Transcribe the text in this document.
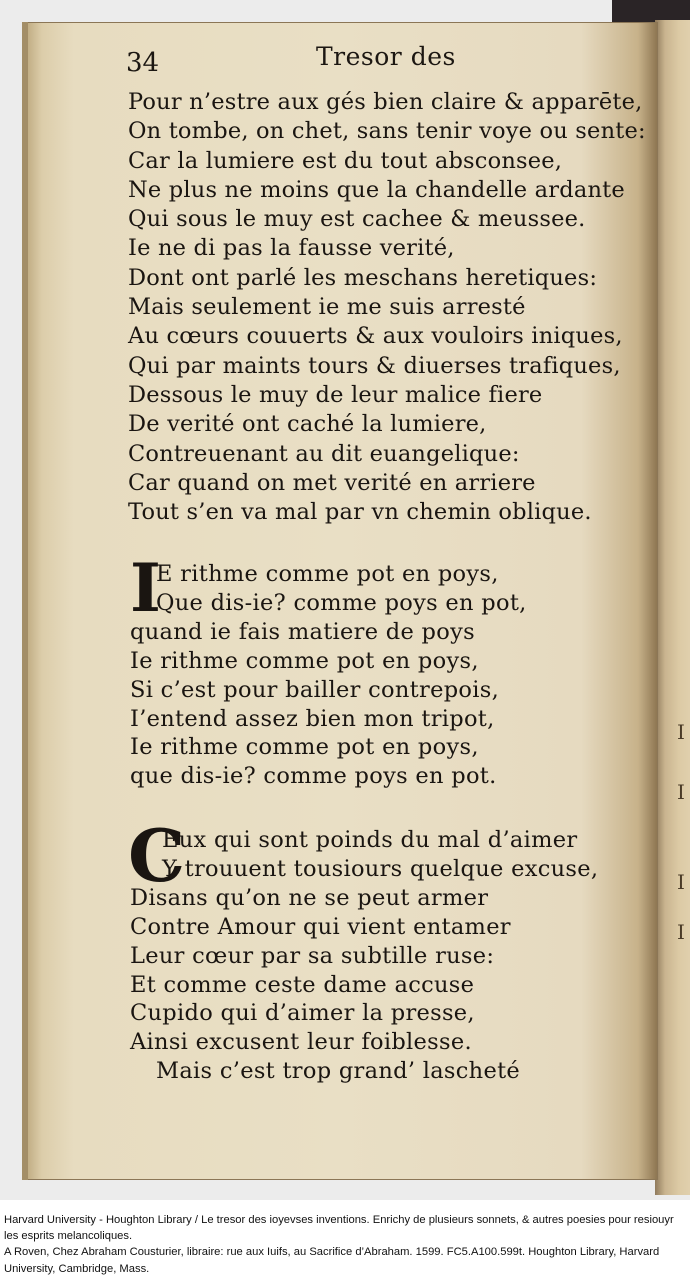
I
I
I
I
34	Tresor des
Pour n’estre aux gés bien claire & apparēte,
On tombe, on chet, sans tenir voye ou sente:
Car la lumiere est du tout absconsee,
Ne plus ne moins que la chandelle ardante
Qui sous le muy est cachee & meussee.
Ie ne di pas la fausse verité,
Dont ont parlé les meschans heretiques:
Mais seulement ie me suis arresté
Au cœurs couuerts & aux vouloirs iniques,
Qui par maints tours & diuerses trafiques,
Dessous le muy de leur malice fiere
De verité ont caché la lumiere,
Contreuenant au dit euangelique:
Car quand on met verité en arriere
Tout s’en va mal par vn chemin oblique.
I
E rithme comme pot en poys,
Que dis-ie? comme poys en pot,
quand ie fais matiere de poys
Ie rithme comme pot en poys,
Si c’est pour bailler contrepois,
I’entend assez bien mon tripot,
Ie rithme comme pot en poys,
que dis-ie? comme poys en pot.
C
Eux qui sont poinds du mal d’aimer
Y trouuent tousiours quelque excuse,
Disans qu’on ne se peut armer
Contre Amour qui vient entamer
Leur cœur par sa subtille ruse:
Et comme ceste dame accuse
Cupido qui d’aimer la presse,
Ainsi excusent leur foiblesse.
Mais c’est trop grand’ lascheté
Harvard University - Houghton Library / Le tresor des ioyevses inventions. Enrichy de plusieurs sonnets, & autres poesies pour resiouyr les esprits melancoliques.
A Roven, Chez Abraham Cousturier, libraire: rue aux Iuifs, au Sacrifice d’Abraham. 1599. FC5.A100.599t. Houghton Library, Harvard University, Cambridge, Mass.
